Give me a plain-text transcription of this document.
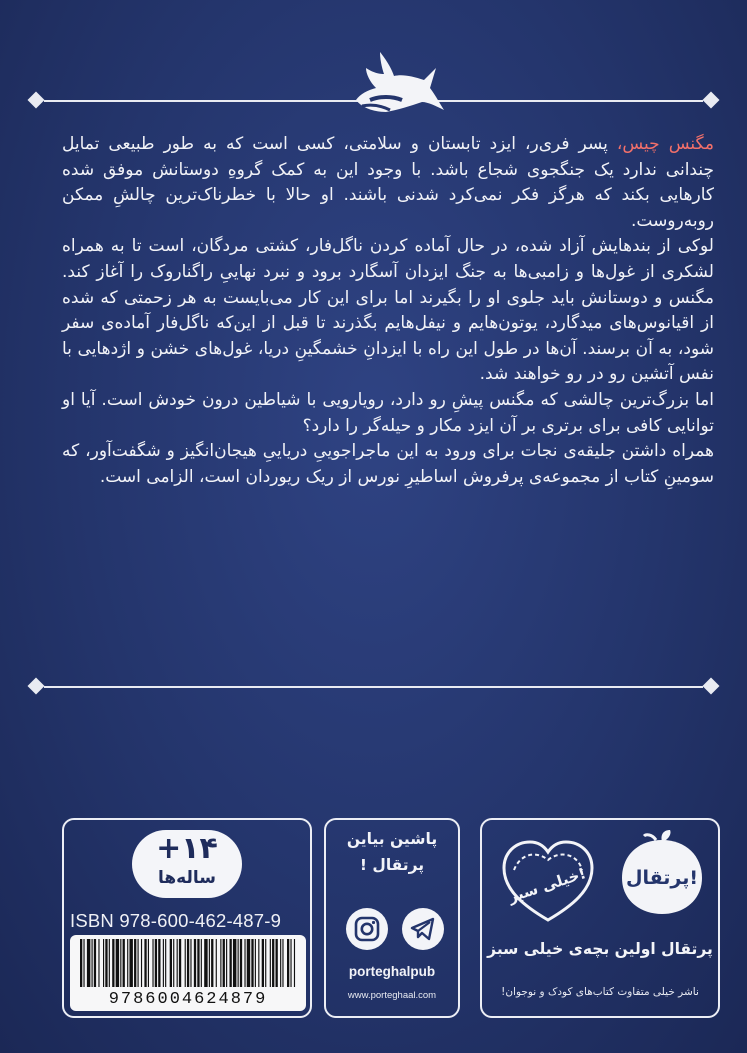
مگنس چیس، پسر فری‌ر، ایزد تابستان و سلامتی، کسی است که به طور طبیعی تمایل چندانی ندارد یک جنگجوی شجاع باشد. با وجود این به کمک گروهِ دوستانش موفق شده کارهایی بکند که هرگز فکر نمی‌کرد شدنی باشند. او حالا با خطرناک‌ترین چالشِ ممکن روبه‌روست.

لوکی از بندهایش آزاد شده، در حال آماده کردن ناگل‌فار، کشتی مردگان، است تا به همراه لشکری از غول‌ها و زامبی‌ها به جنگ ایزدان آسگارد برود و نبرد نهاییِ راگناروک را آغاز کند. مگنس و دوستانش باید جلوی او را بگیرند اما برای این کار می‌بایست به هر زحمتی که شده از اقیانوس‌های میدگارد، یوتون‌هایم و نیفل‌هایم بگذرند تا قبل از این‌که ناگل‌فار آماده‌ی سفر شود، به آن برسند. آن‌ها در طول این راه با ایزدانِ خشمگینِ دریا، غول‌های خشن و اژدهایی با نفس آتشین رو در رو خواهند شد.

اما بزرگ‌ترین چالشی که مگنس پیشِ رو دارد، رویارویی با شیاطین درون خودش است. آیا او توانایی کافی برای برتری بر آن ایزد مکار و حیله‌گر را دارد؟

همراه داشتن جلیقه‌ی نجات برای ورود به این ماجراجوییِ دریاییِ هیجان‌انگیز و شگفت‌آور، که سومینِ کتاب از مجموعه‌ی پرفروش اساطیرِ نورس از ریک ریوردان است، الزامی است.

+۱۴
ساله‌ها
ISBN 978-600-462-487-9
9786004624879
پاشین بیاین پرتقال !
porteghalpub
www.porteghaal.com
پرتقال!
خیلی سبز!
پرتقال اولین بچه‌ی خیلی سبز
ناشر خیلی متفاوت کتاب‌های کودک و نوجوان!
